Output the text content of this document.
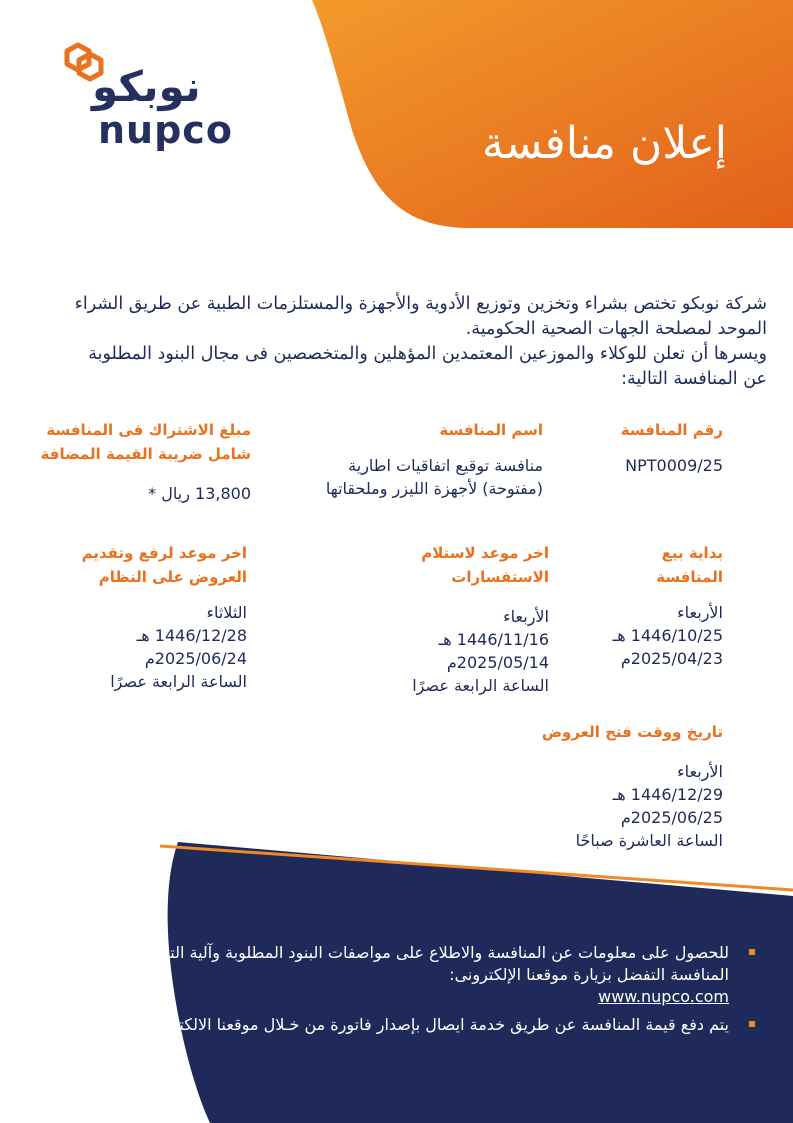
نوبكو
nupco	إعلان منافسة

شركة نوبكو تختص بشراء وتخزين وتوزيع الأدوية والأجهزة والمستلزمات الطبية عن طريق الشراء الموحد لمصلحة الجهات الصحية الحكومية.

ويسرها أن تعلن للوكلاء والموزعين المعتمدين المؤهلين والمتخصصين فى مجال البنود المطلوبة عن المنافسة التالية:

رقم المنافسة

NPT0009/25

اسم المنافسة

منافسة توقيع اتفاقيات اطارية
(مفتوحة) لأجهزة الليزر وملحقاتها

مبلغ الاشتراك فى المنافسة
شامل ضريبة القيمة المضافة

13,800 ريال *

بداية بيع
المنافسة

الأربعاء
1446/10/25 هـ
2025/04/23م

اخر موعد لاستلام
الاستفسارات

الأربعاء
1446/11/16 هـ
2025/05/14م
الساعة الرابعة عصرًا

اخر موعد لرفع وتقديم
العروض على النظام

الثلاثاء
1446/12/28 هـ
2025/06/24م
الساعة الرابعة عصرًا

تاريخ ووقت فتح العروض

الأربعاء
1446/12/29 هـ
2025/06/25م
الساعة العاشرة صباحًا

للحصول على معلومات عن المنافسة والاطلاع على مواصفات البنود المطلوبة وآلية التقديم على المنافسة التفضل بزيارة موقعنا الإلكترونى:
www.nupco.com
يتم دفع قيمة المنافسة عن طريق خدمة ايصال بإصدار فاتورة من خـلال موقعنا الالكترونى.
